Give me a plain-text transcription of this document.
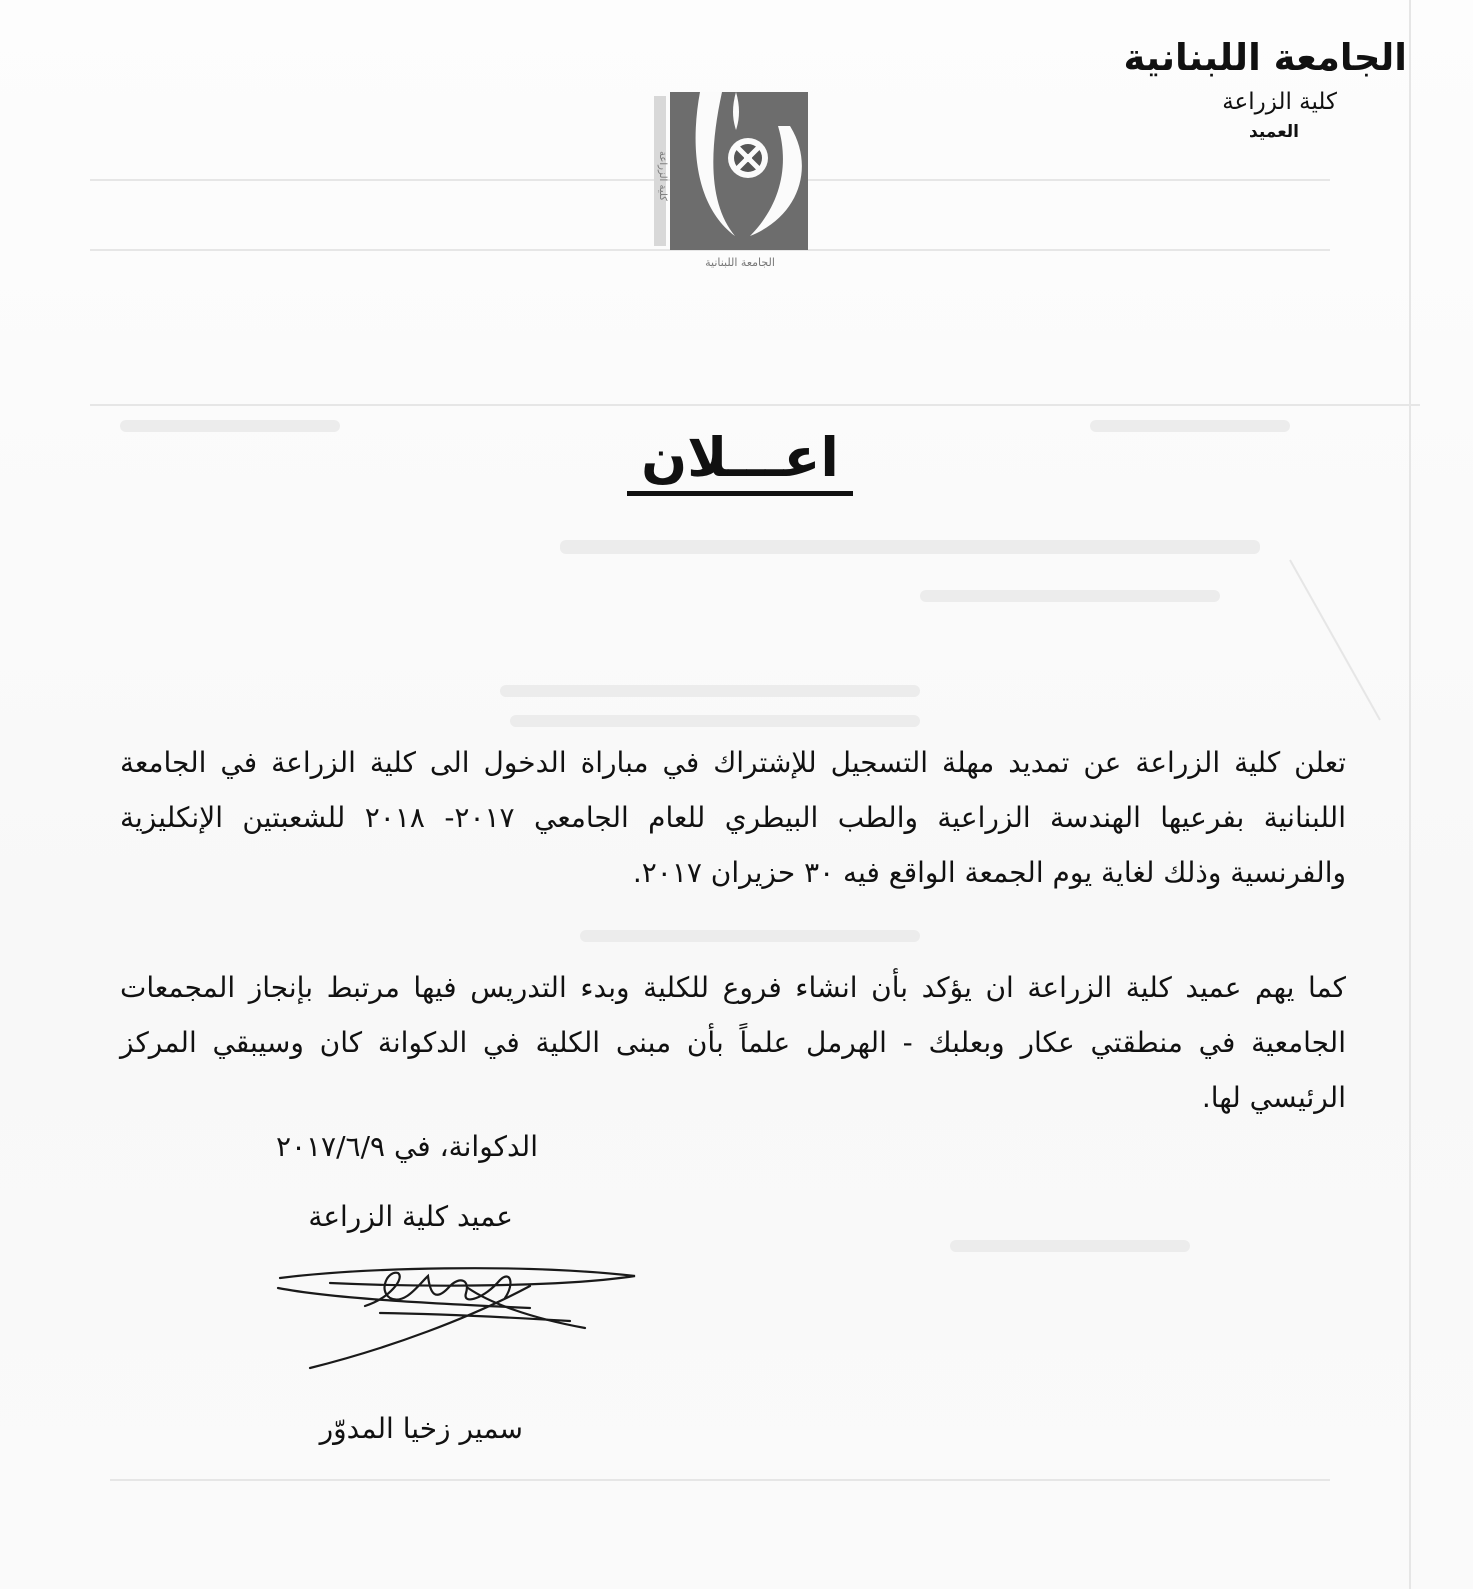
الجامعة اللبنانية
كلية الزراعة
العميد
كلية الزراعة
الجامعة اللبنانية
اعـــلان

تعلن كلية الزراعة عن تمديد مهلة التسجيل للإشتراك في مباراة الدخول الى كلية الزراعة في الجامعة اللبنانية بفرعيها الهندسة الزراعية والطب البيطري للعام الجامعي ٢٠١٧- ٢٠١٨ للشعبتين الإنكليزية والفرنسية وذلك لغاية يوم الجمعة الواقع فيه ٣٠ حزيران ٢٠١٧.

كما يهم عميد كلية الزراعة ان يؤكد بأن انشاء فروع للكلية وبدء التدريس فيها مرتبط بإنجاز المجمعات الجامعية في منطقتي عكار وبعلبك - الهرمل علماً بأن مبنى الكلية في الدكوانة كان وسيبقي المركز الرئيسي لها.

الدكوانة، في ٢٠١٧/٦/٩
عميد كلية الزراعة
سمير زخيا المدوّر
